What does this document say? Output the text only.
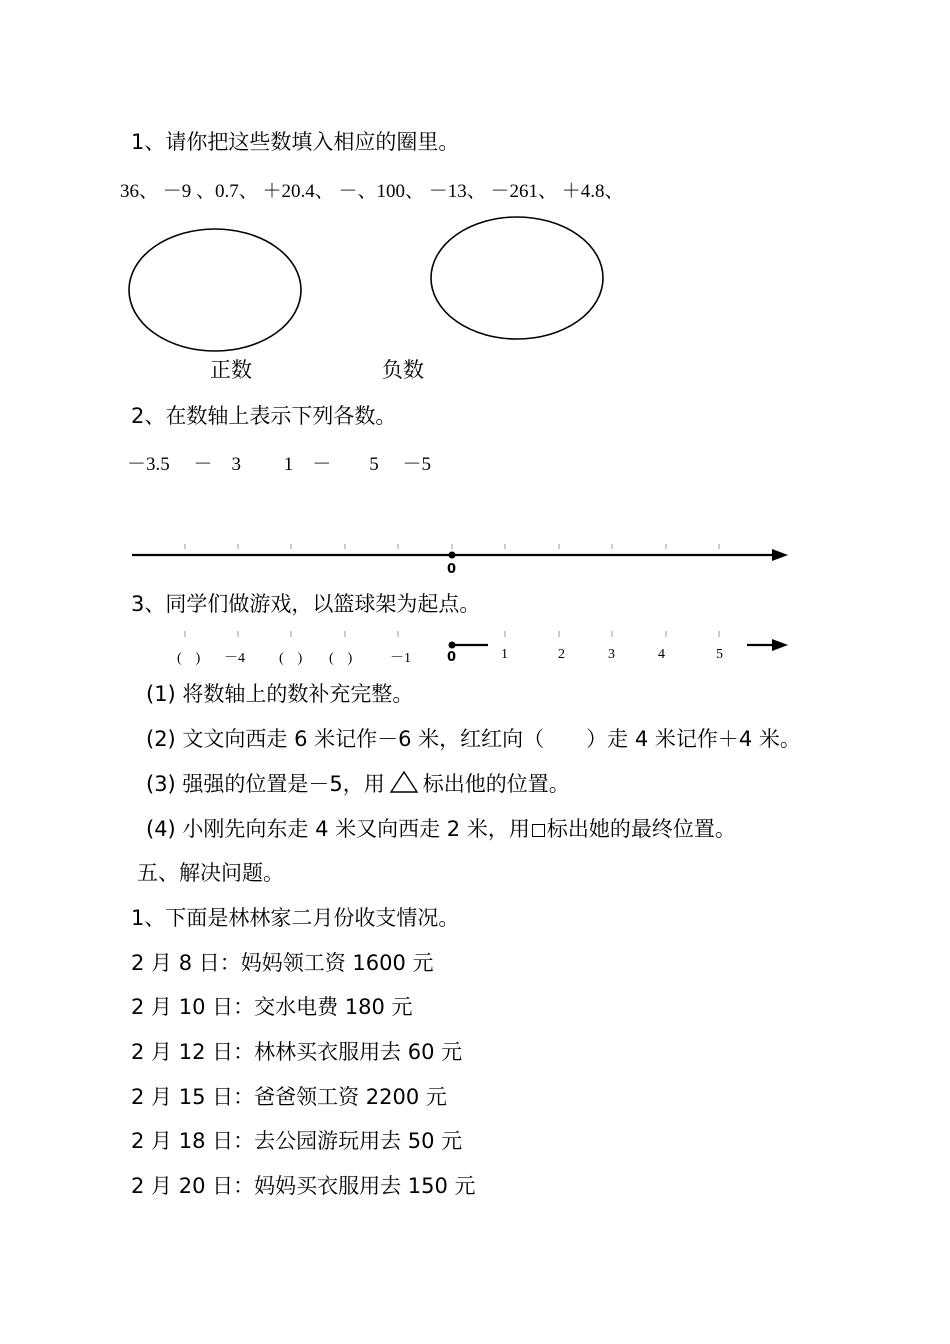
1、请你把这些数填入相应的圈里。
36、 －9 、0.7、 ＋20.4、 －、100、 －13、 －261、 ＋4.8、
正数	负数
2、在数轴上表示下列各数。
－3.5　 －　3　　 1　－　　5　 －5
0
3、同学们做游戏，以篮球架为起点。
(　) －4 (　) (　)	－1	0	1	2	3	4	5
(1) 将数轴上的数补充完整。
(2) 文文向西走 6 米记作－6 米，红红向（　　）走 4 米记作＋4 米。
(3) 强强的位置是－5，用 标出他的位置。
(4) 小刚先向东走 4 米又向西走 2 米，用 标出她的最终位置。
五、解决问题。
1、下面是林林家二月份收支情况。
2 月 8 日：妈妈领工资 1600 元
2 月 10 日：交水电费 180 元
2 月 12 日：林林买衣服用去 60 元
2 月 15 日：爸爸领工资 2200 元
2 月 18 日：去公园游玩用去 50 元
2 月 20 日：妈妈买衣服用去 150 元
